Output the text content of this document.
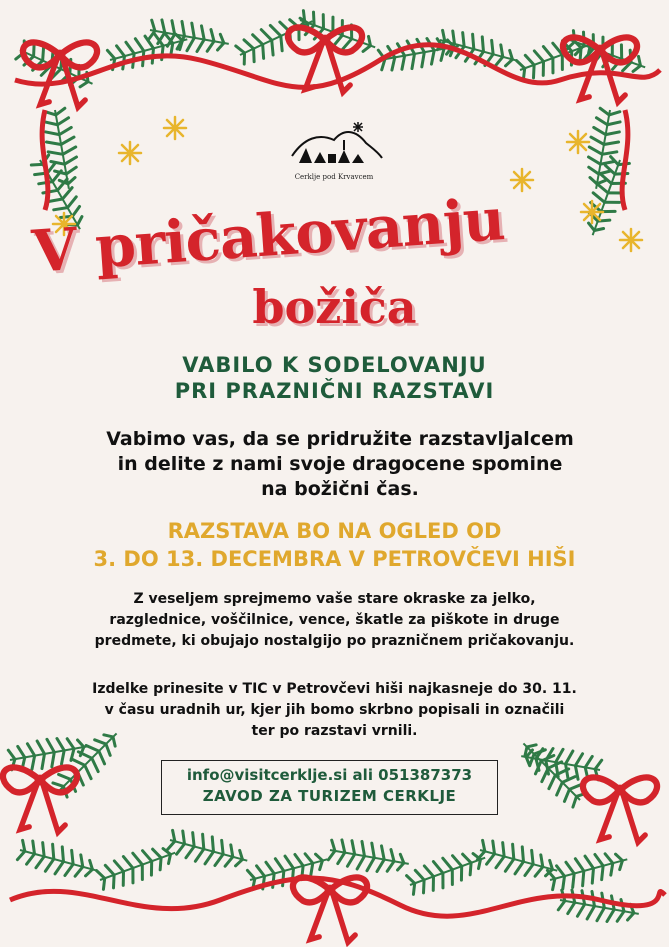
Cerklje pod Krvavcem
V pričakovanju
božiča
VABILO K SODELOVANJU
PRI PRAZNIČNI RAZSTAVI
Vabimo vas, da se pridružite razstavljalcem
in delite z nami svoje dragocene spomine
na božični čas.
RAZSTAVA BO NA OGLED OD
3. DO 13. DECEMBRA V PETROVČEVI HIŠI
Z veseljem sprejmemo vaše stare okraske za jelko,
razglednice, voščilnice, vence, škatle za piškote in druge
predmete, ki obujajo nostalgijo po prazničnem pričakovanju.
Izdelke prinesite v TIC v Petrovčevi hiši najkasneje do 30. 11.
v času uradnih ur, kjer jih bomo skrbno popisali in označili
ter po razstavi vrnili.
info@visitcerklje.si ali 051387373
ZAVOD ZA TURIZEM CERKLJE
